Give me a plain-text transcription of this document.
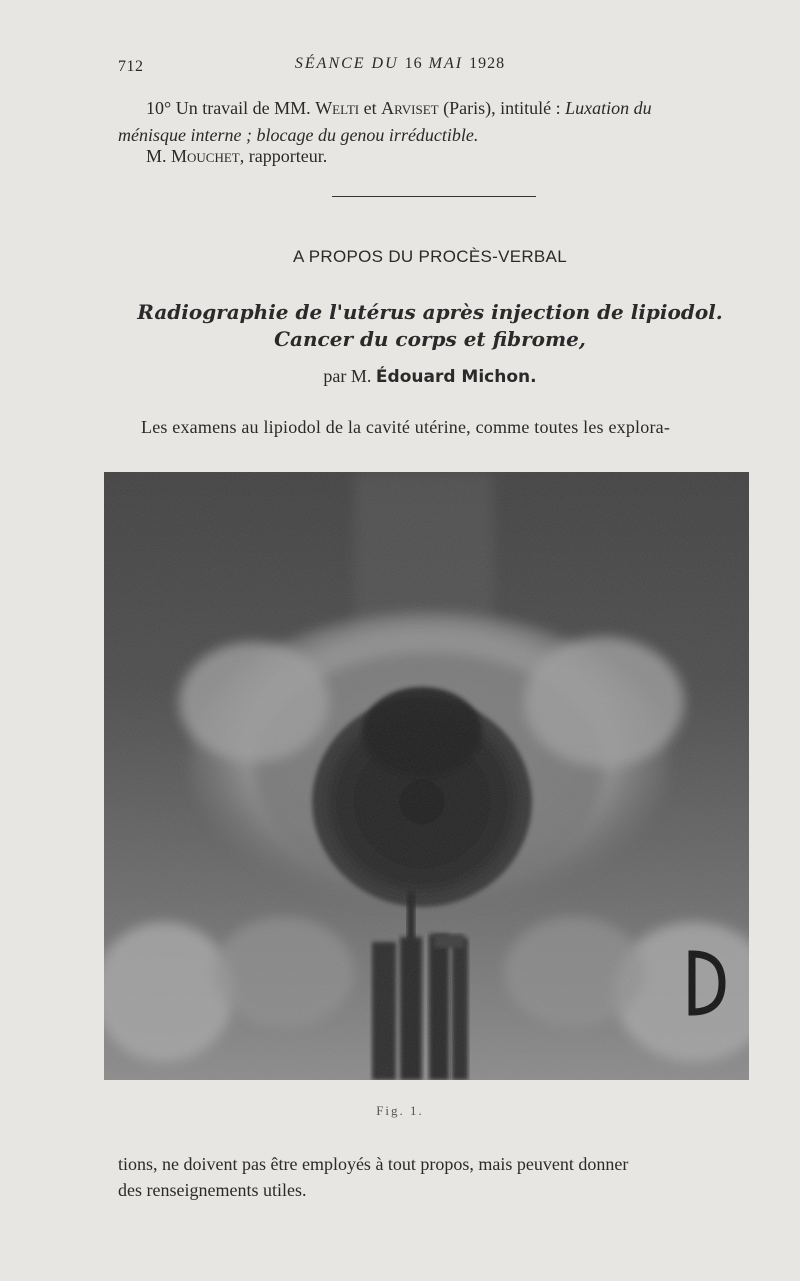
712	SÉANCE DU 16 MAI 1928
10° Un travail de MM. Welti et Arviset (Paris), intitulé : Luxation du
ménisque interne ; blocage du genou irréductible.
M. Mouchet, rapporteur.
A PROPOS DU PROCÈS-VERBAL
Radiographie de l'utérus après injection de lipiodol.
Cancer du corps et fibrome,
par M. Édouard Michon.
Les examens au lipiodol de la cavité utérine, comme toutes les explora-
Fig. 1.
tions, ne doivent pas être employés à tout propos, mais peuvent donner
des renseignements utiles.
